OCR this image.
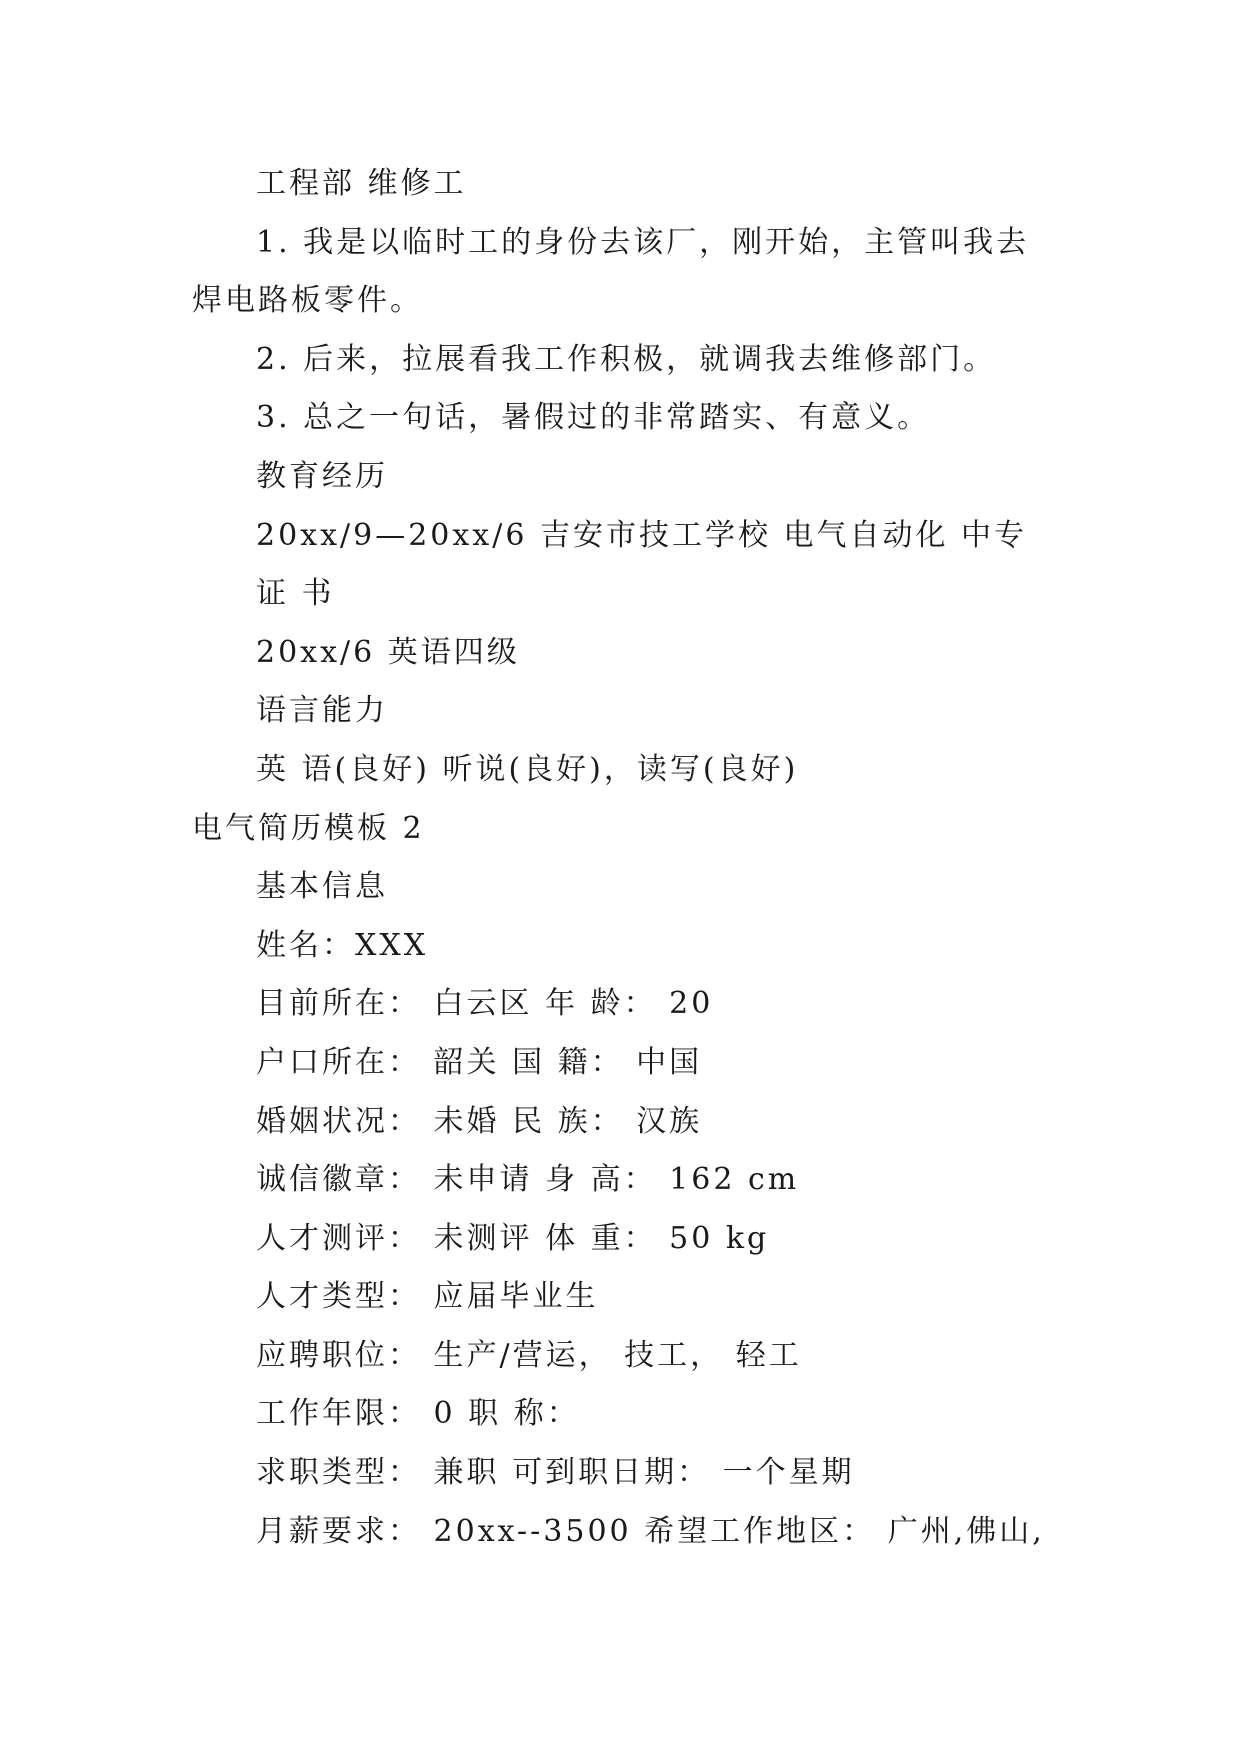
工程部 维修工
1. 我是以临时工的身份去该厂，刚开始，主管叫我去
焊电路板零件。
2. 后来，拉展看我工作积极，就调我去维修部门。
3. 总之一句话，暑假过的非常踏实、有意义。
教育经历
20xx/9—20xx/6 吉安市技工学校 电气自动化 中专
证 书
20xx/6 英语四级
语言能力
英 语(良好) 听说(良好)，读写(良好)
电气简历模板 2
基本信息
姓名：XXX
目前所在： 白云区 年 龄： 20
户口所在： 韶关 国 籍： 中国
婚姻状况： 未婚 民 族： 汉族
诚信徽章： 未申请 身 高： 162 cm
人才测评： 未测评 体 重： 50 kg
人才类型： 应届毕业生
应聘职位： 生产/营运， 技工， 轻工
工作年限： 0 职 称：
求职类型： 兼职 可到职日期： 一个星期
月薪要求： 20xx--3500 希望工作地区： 广州,佛山,
